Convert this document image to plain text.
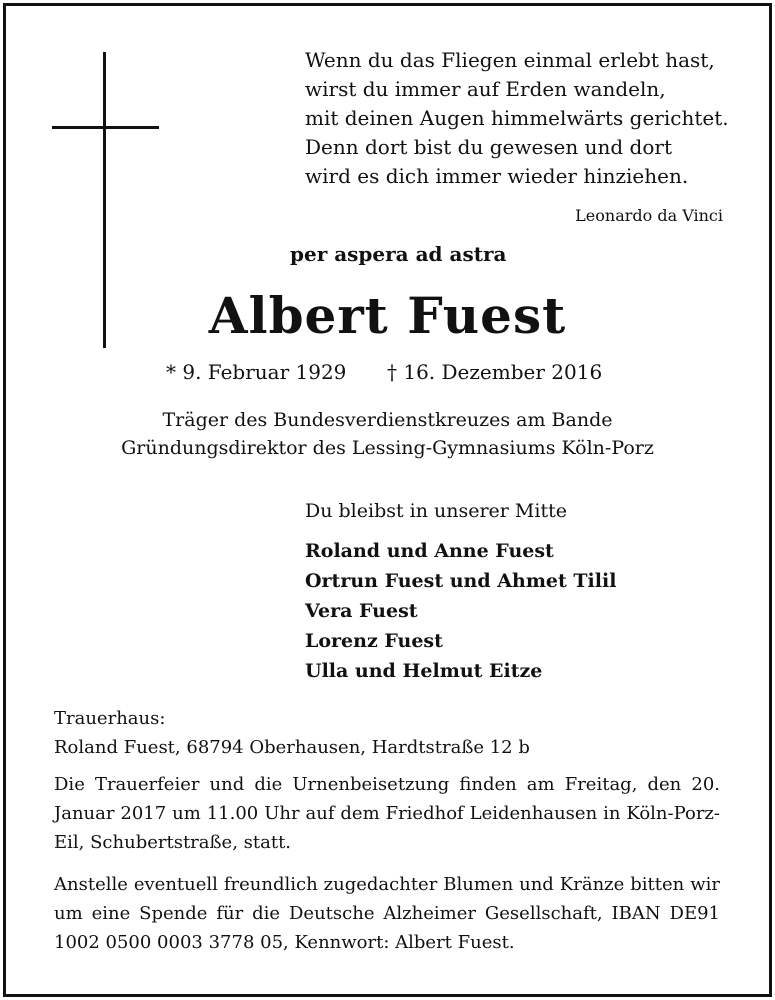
Wenn du das Fliegen einmal erlebt hast,
wirst du immer auf Erden wandeln,
mit deinen Augen himmelwärts gerichtet.
Denn dort bist du gewesen und dort
wird es dich immer wieder hinziehen.
Leonardo da Vinci
per aspera ad astra
Albert Fuest
* 9. Februar 1929 † 16. Dezember 2016
Träger des Bundesverdienstkreuzes am Bande
Gründungsdirektor des Lessing-Gymnasiums Köln-Porz
Du bleibst in unserer Mitte
Roland und Anne Fuest
Ortrun Fuest und Ahmet Tilil
Vera Fuest
Lorenz Fuest
Ulla und Helmut Eitze
Trauerhaus:
Roland Fuest, 68794 Oberhausen, Hardtstraße 12 b
Die Trauerfeier und die Urnenbeisetzung finden am Freitag, den 20. Januar 2017 um 11.00 Uhr auf dem Friedhof Leidenhausen in Köln-Porz-Eil, Schubertstraße, statt.
Anstelle eventuell freundlich zugedachter Blumen und Kränze bitten wir um eine Spende für die Deutsche Alzheimer Gesellschaft, IBAN DE91 1002 0500 0003 3778 05, Kennwort: Albert Fuest.
